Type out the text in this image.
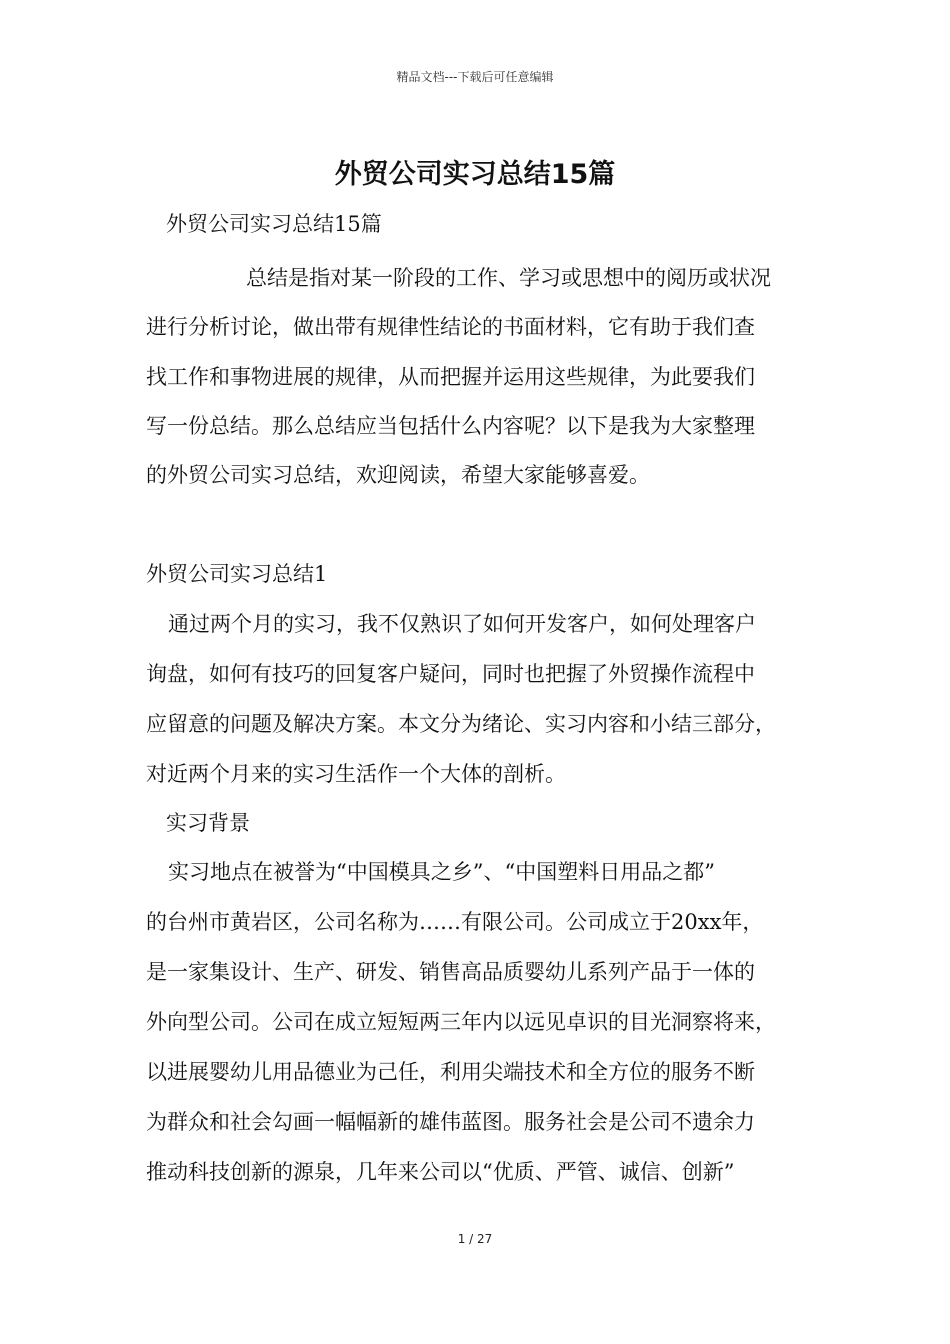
精品文档---下载后可任意编辑
外贸公司实习总结15篇
外贸公司实习总结15篇
总结是指对某一阶段的工作、学习或思想中的阅历或状况
进行分析讨论，做出带有规律性结论的书面材料，它有助于我们查
找工作和事物进展的规律，从而把握并运用这些规律，为此要我们
写一份总结。那么总结应当包括什么内容呢？以下是我为大家整理
的外贸公司实习总结，欢迎阅读，希望大家能够喜爱。
外贸公司实习总结1
通过两个月的实习，我不仅熟识了如何开发客户，如何处理客户
询盘，如何有技巧的回复客户疑问，同时也把握了外贸操作流程中
应留意的问题及解决方案。本文分为绪论、实习内容和小结三部分，
对近两个月来的实习生活作一个大体的剖析。
实习背景
实习地点在被誉为“中国模具之乡”、“中国塑料日用品之都”
的台州市黄岩区，公司名称为……有限公司。公司成立于20xx年，
是一家集设计、生产、研发、销售高品质婴幼儿系列产品于一体的
外向型公司。公司在成立短短两三年内以远见卓识的目光洞察将来，
以进展婴幼儿用品德业为己任，利用尖端技术和全方位的服务不断
为群众和社会勾画一幅幅新的雄伟蓝图。服务社会是公司不遗余力
推动科技创新的源泉，几年来公司以“优质、严管、诚信、创新”
1 / 27
